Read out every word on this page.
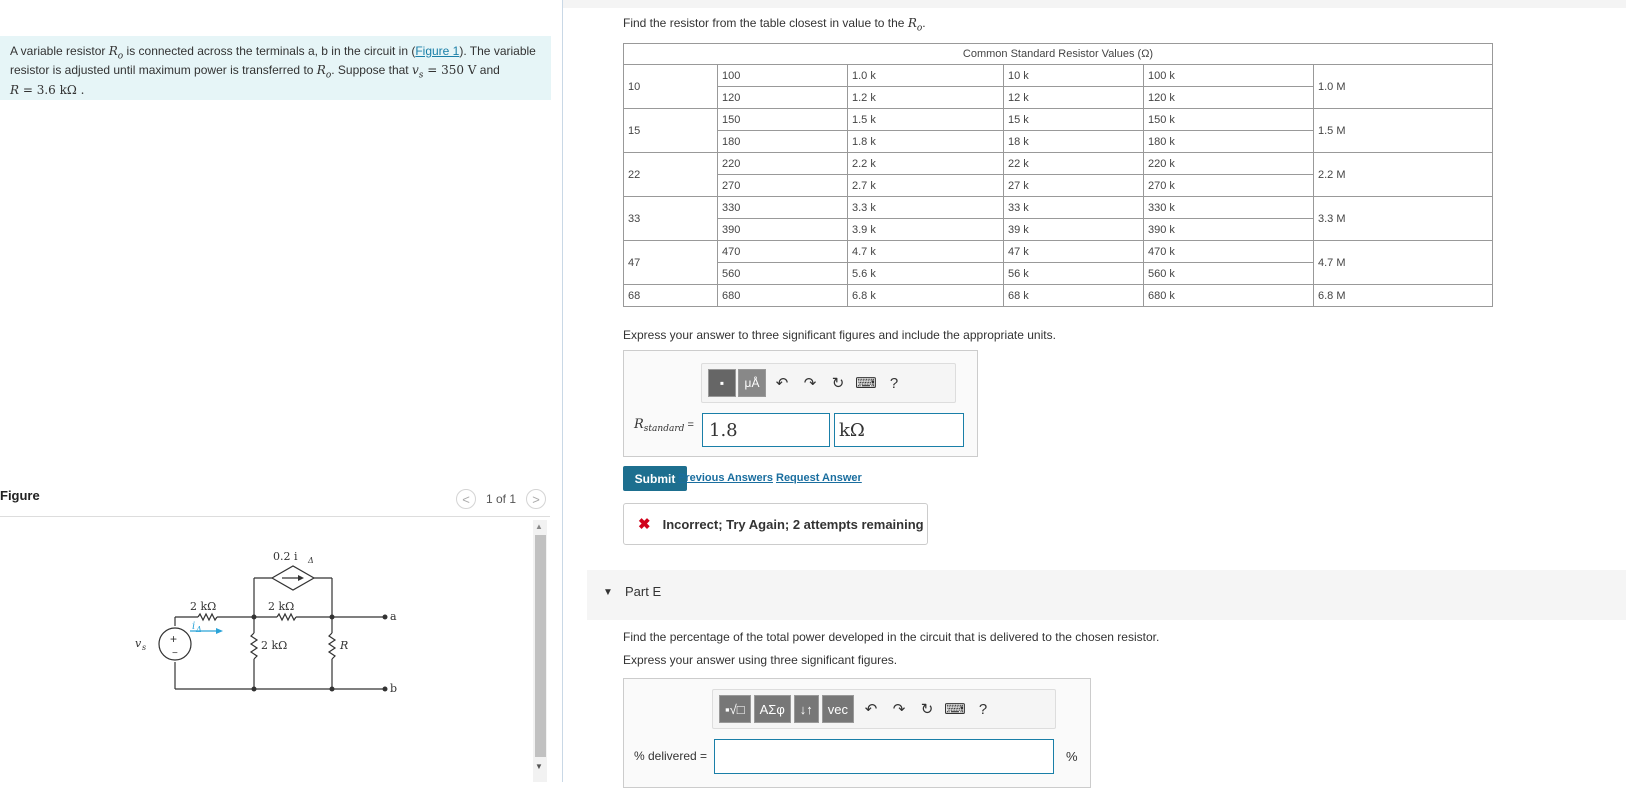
A variable resistor $R_o$ is connected across the terminals a, b in the circuit in (Figure 1). The variable resistor is adjusted until maximum power is transferred to $R_o$. Suppose that $v_s = 350$ V and
R = 3.6 kΩ .
Figure	<	1 of 1	>
+
−
v s
2 kΩ	2 kΩ
2 kΩ	R
0.2 i Δ
i Δ
a
b
▲
▼
Find the resistor from the table closest in value to the $R_o$.
Common Standard Resistor Values (Ω)					
10	100	1.0 k	10 k	100 k	1.0 M
	120	1.2 k	12 k	120 k	
15	150	1.5 k	15 k	150 k	1.5 M
	180	1.8 k	18 k	180 k	
22	220	2.2 k	22 k	220 k	2.2 M
	270	2.7 k	27 k	270 k	
33	330	3.3 k	33 k	330 k	3.3 M
	390	3.9 k	39 k	390 k	
47	470	4.7 k	47 k	470 k	4.7 M
	560	5.6 k	56 k	560 k	
68	680	6.8 k	68 k	680 k	6.8 M
Express your answer to three significant figures and include the appropriate units.
▪	μÅ	↶	↷	↻ ⌨ ?
$R_{standard} = 1.8$	kΩ
Submit Previous Answers Request Answer
✖ Incorrect; Try Again; 2 attempts remaining
▼ Part E
Find the percentage of the total power developed in the circuit that is delivered to the chosen resistor.
Express your answer using three significant figures.
▪√□	ΑΣφ	↓↑	vec	↶	↷	↻ ⌨ ?
% delivered =	%
